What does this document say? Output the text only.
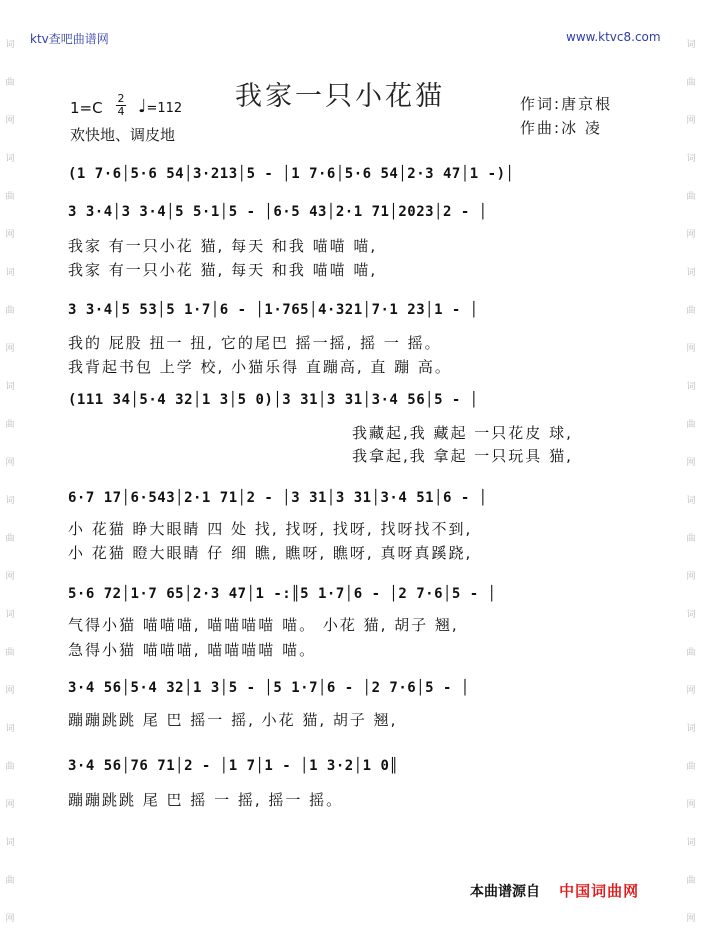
词
曲
网
词
曲
网
词
曲
网
词
曲
网
词
曲
网
词
曲
网
词
曲
网
词
曲
网
词
曲
网
词
曲
网
词
曲
网
词
曲
网
词
曲
网
词
曲
网
词
曲
网
词
曲
网
ktv查吧曲谱网	www.ktvc8.com
我家一只小花猫
1=C
2
4 ♩=112
欢快地、调皮地
作词:唐京根
作曲:冰 凌
(1 7·6│5·6 54│3·213│5 - │1 7·6│5·6 54│2·3 47│1 -)│
3 3·4│3 3·4│5 5·1│5 - │6·5 43│2·1 71│2023│2 - │
我家 有一只小花 猫, 每天 和我 喵喵 喵,
我家 有一只小花 猫, 每天 和我 喵喵 喵,
3 3·4│5 53│5 1·7│6 - │1·765│4·321│7·1 23│1 - │
我的 屁股 扭一 扭, 它的尾巴 摇一摇, 摇 一 摇。
我背起书包 上学 校, 小猫乐得 直蹦高, 直 蹦 高。
(111 34│5·4 32│1 3│5 0)│3 31│3 31│3·4 56│5 - │
我藏起,我 藏起 一只花皮 球,
我拿起,我 拿起 一只玩具 猫,
6·7 17│6·543│2·1 71│2 - │3 31│3 31│3·4 51│6 - │
小 花猫 睁大眼睛 四 处 找, 找呀, 找呀, 找呀找不到,
小 花猫 瞪大眼睛 仔 细 瞧, 瞧呀, 瞧呀, 真呀真蹊跷,
5·6 72│1·7 65│2·3 47│1 -:║5 1·7│6 - │2 7·6│5 - │
气得小猫 喵喵喵, 喵喵喵喵 喵。 小花 猫, 胡子 翘,
急得小猫 喵喵喵, 喵喵喵喵 喵。
3·4 56│5·4 32│1 3│5 - │5 1·7│6 - │2 7·6│5 - │
蹦蹦跳跳 尾 巴 摇一 摇, 小花 猫, 胡子 翘,
3·4 56│76 71│2 - │1 7│1 - │1 3·2│1 0║
蹦蹦跳跳 尾 巴 摇 一 摇, 摇一 摇。
本曲谱源自 中国词曲网
